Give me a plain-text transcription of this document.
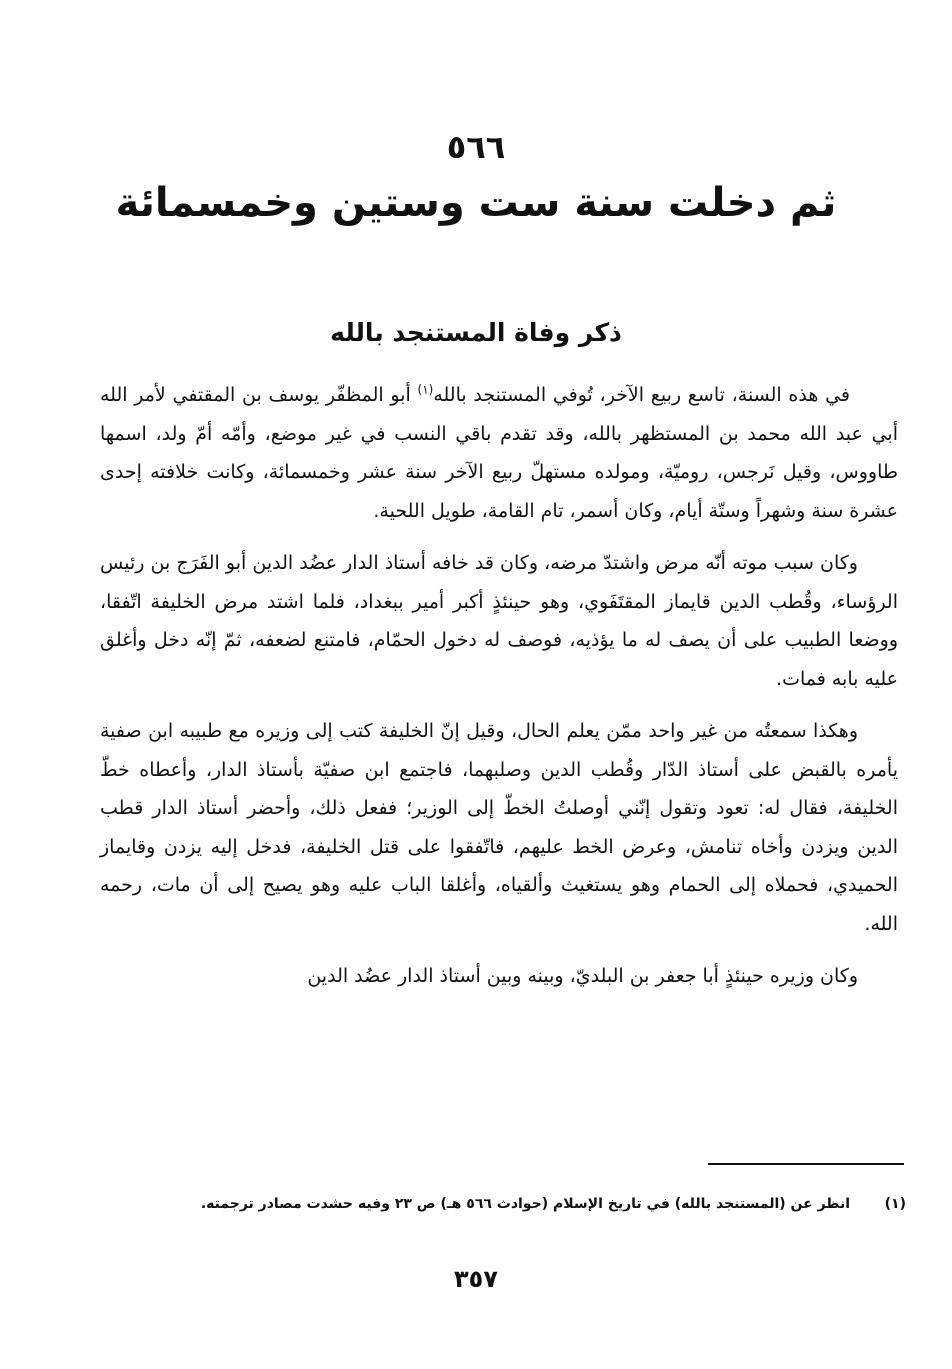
٥٦٦
ثم دخلت سنة ست وستين وخمسمائة
ذكر وفاة المستنجد بالله

في هذه السنة، تاسع ربيع الآخر، تُوفي المستنجد بالله$^{(١)}$ أبو المظفّر يوسف بن المقتفي لأمر الله أبي عبد الله محمد بن المستظهر بالله، وقد تقدم باقي النسب في غير موضع، وأمّه أمّ ولد، اسمها طاووس، وقيل نَرجس، روميّة، ومولده مستهلّ ربيع الآخر سنة عشر وخمسمائة، وكانت خلافته إحدى عشرة سنة وشهراً وستّة أيام، وكان أسمر، تام القامة، طويل اللحية.

وكان سبب موته أنّه مرض واشتدّ مرضه، وكان قد خافه أستاذ الدار عضُد الدين أبو الفَرَج بن رئيس الرؤساء، وقُطب الدين قايماز المقتَفَوي، وهو حينئذٍ أكبر أمير ببغداد، فلما اشتد مرض الخليفة اتّفقا، ووضعا الطبيب على أن يصف له ما يؤذيه، فوصف له دخول الحمّام، فامتنع لضعفه، ثمّ إنّه دخل وأغلق عليه بابه فمات.

وهكذا سمعتُه من غير واحد ممّن يعلم الحال، وقيل إنّ الخليفة كتب إلى وزيره مع طبيبه ابن صفية يأمره بالقبض على أستاذ الدّار وقُطب الدين وصلبهما، فاجتمع ابن صفيّة بأستاذ الدار، وأعطاه خطّ الخليفة، فقال له: تعود وتقول إنّني أوصلتُ الخطّ إلى الوزير؛ ففعل ذلك، وأحضر أستاذ الدار قطب الدين ويزدن وأخاه تنامش، وعرض الخط عليهم، فاتّفقوا على قتل الخليفة، فدخل إليه يزدن وقايماز الحميدي، فحملاه إلى الحمام وهو يستغيث وألقياه، وأغلقا الباب عليه وهو يصيح إلى أن مات، رحمه الله.

وكان وزيره حينئذٍ أبا جعفر بن البلديّ، وبينه وبين أستاذ الدار عضُد الدين

(١)
انظر عن (المستنجد بالله) في تاريخ الإسلام (حوادث ٥٦٦ هـ) ص ٢٣ وفيه حشدت مصادر ترجمته.
٣٥٧
